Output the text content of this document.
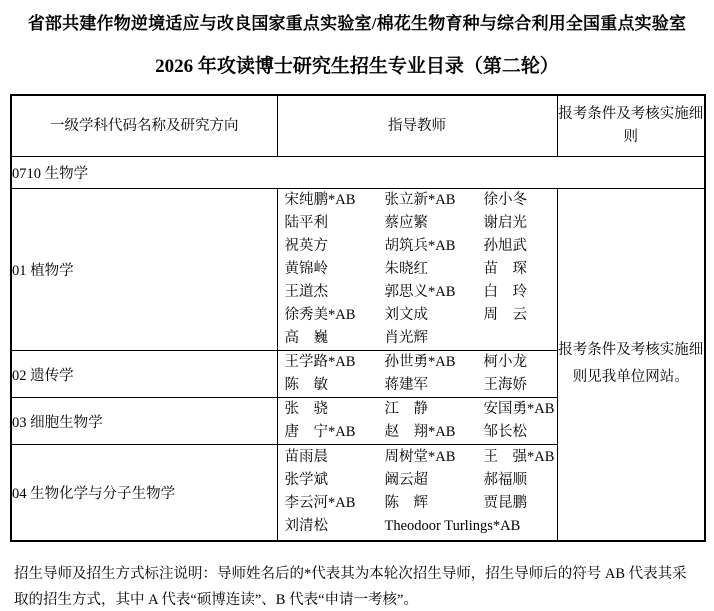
省部共建作物逆境适应与改良国家重点实验室/棉花生物育种与综合利用全国重点实验室
2026 年攻读博士研究生招生专业目录（第二轮）
一级学科代码名称及研究方向	指导教师	报考条件及考核实施细则
0710 生物学		
01 植物学	
宋纯鹏*AB	张立新*AB	徐小冬
陆平利	蔡应繁	谢启光
祝英方	胡筑兵*AB	孙旭武
黄锦岭	朱晓红	苗　琛
王道杰	郭思义*AB	白　玲
徐秀美*AB	刘文成	周　云
高　巍	肖光辉
	报考条件及考核实施细则见我单位网站。
02 遗传学	
王学路*AB	孙世勇*AB	柯小龙
陈　敏	蒋建军	王海娇

03 细胞生物学	
张　骁	江　静	安国勇*AB
唐　宁*AB	赵　翔*AB	邹长松

04 生物化学与分子生物学	
苗雨晨	周树堂*AB	王　强*AB
张学斌	阚云超	郝福顺
李云河*AB	陈　辉	贾昆鹏
刘清松	Theodoor Turlings*AB
招生导师及招生方式标注说明：导师姓名后的*代表其为本轮次招生导师，招生导师后的符号 AB 代表其采取的招生方式，其中 A 代表“硕博连读”、B 代表“申请一考核”。
